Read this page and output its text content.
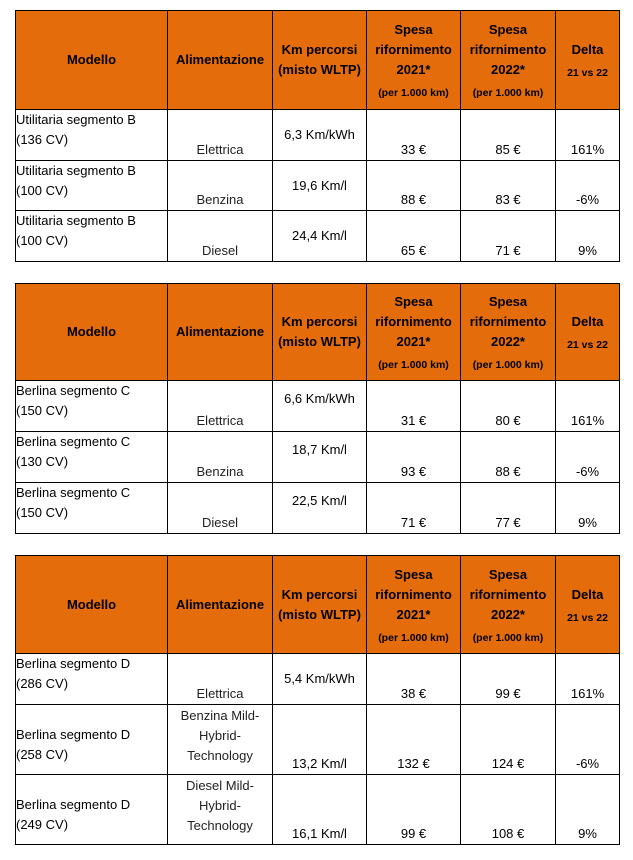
Modello	Alimentazione	Km percorsi
(misto WLTP)	Spesa
rifornimento
2021*
(per 1.000 km)	Spesa
rifornimento
2022*
(per 1.000 km)	Delta
21 vs 22

Utilitaria segmento B
(136 CV)	Elettrica	6,3 Km/kWh	33 €	85 €	161%
Utilitaria segmento B
(100 CV)	Benzina	19,6 Km/l	88 €	83 €	-6%
Utilitaria segmento B
(100 CV)	Diesel	24,4 Km/l	65 €	71 €	9%
Modello	Alimentazione	Km percorsi
(misto WLTP)	Spesa
rifornimento
2021*
(per 1.000 km)	Spesa
rifornimento
2022*
(per 1.000 km)	Delta
21 vs 22

Berlina segmento C
(150 CV)	Elettrica	6,6 Km/kWh	31 €	80 €	161%
Berlina segmento C
(130 CV)	Benzina	18,7 Km/l	93 €	88 €	-6%
Berlina segmento C
(150 CV)	Diesel	22,5 Km/l	71 €	77 €	9%
Modello	Alimentazione	Km percorsi
(misto WLTP)	Spesa
rifornimento
2021*
(per 1.000 km)	Spesa
rifornimento
2022*
(per 1.000 km)	Delta
21 vs 22

Berlina segmento D
(286 CV)	Elettrica	5,4 Km/kWh	38 €	99 €	161%
Berlina segmento D
(258 CV)	Benzina Mild-
Hybrid-
Technology	13,2 Km/l	132 €	124 €	-6%
Berlina segmento D
(249 CV)	Diesel Mild-
Hybrid-
Technology	16,1 Km/l	99 €	108 €	9%
